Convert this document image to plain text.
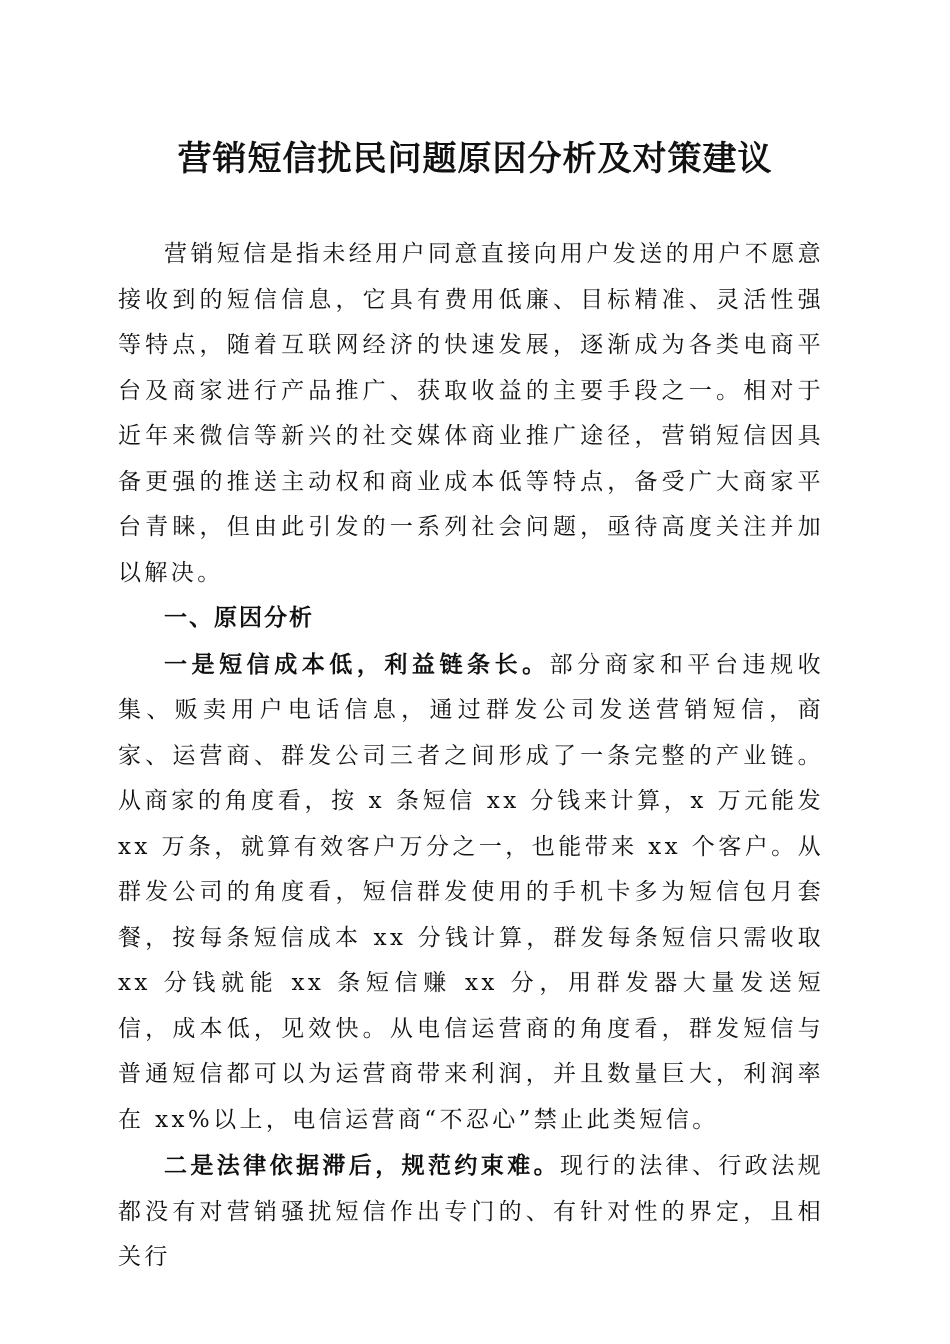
营销短信扰民问题原因分析及对策建议

营销短信是指未经用户同意直接向用户发送的用户不愿意接收到的短信信息，它具有费用低廉、目标精准、灵活性强等特点，随着互联网经济的快速发展，逐渐成为各类电商平台及商家进行产品推广、获取收益的主要手段之一。相对于近年来微信等新兴的社交媒体商业推广途径，营销短信因具备更强的推送主动权和商业成本低等特点，备受广大商家平台青睐，但由此引发的一系列社会问题，亟待高度关注并加以解决。

一、原因分析

一是短信成本低，利益链条长。部分商家和平台违规收集、贩卖用户电话信息，通过群发公司发送营销短信，商家、运营商、群发公司三者之间形成了一条完整的产业链。从商家的角度看，按 x 条短信 xx 分钱来计算，x 万元能发 xx 万条，就算有效客户万分之一，也能带来 xx 个客户。从群发公司的角度看，短信群发使用的手机卡多为短信包月套餐，按每条短信成本 xx 分钱计算，群发每条短信只需收取 xx 分钱就能 xx 条短信赚 xx 分，用群发器大量发送短信，成本低，见效快。从电信运营商的角度看，群发短信与普通短信都可以为运营商带来利润，并且数量巨大，利润率在 xx%以上，电信运营商“不忍心”禁止此类短信。

二是法律依据滞后，规范约束难。现行的法律、行政法规都没有对营销骚扰短信作出专门的、有针对性的界定，且相关行
